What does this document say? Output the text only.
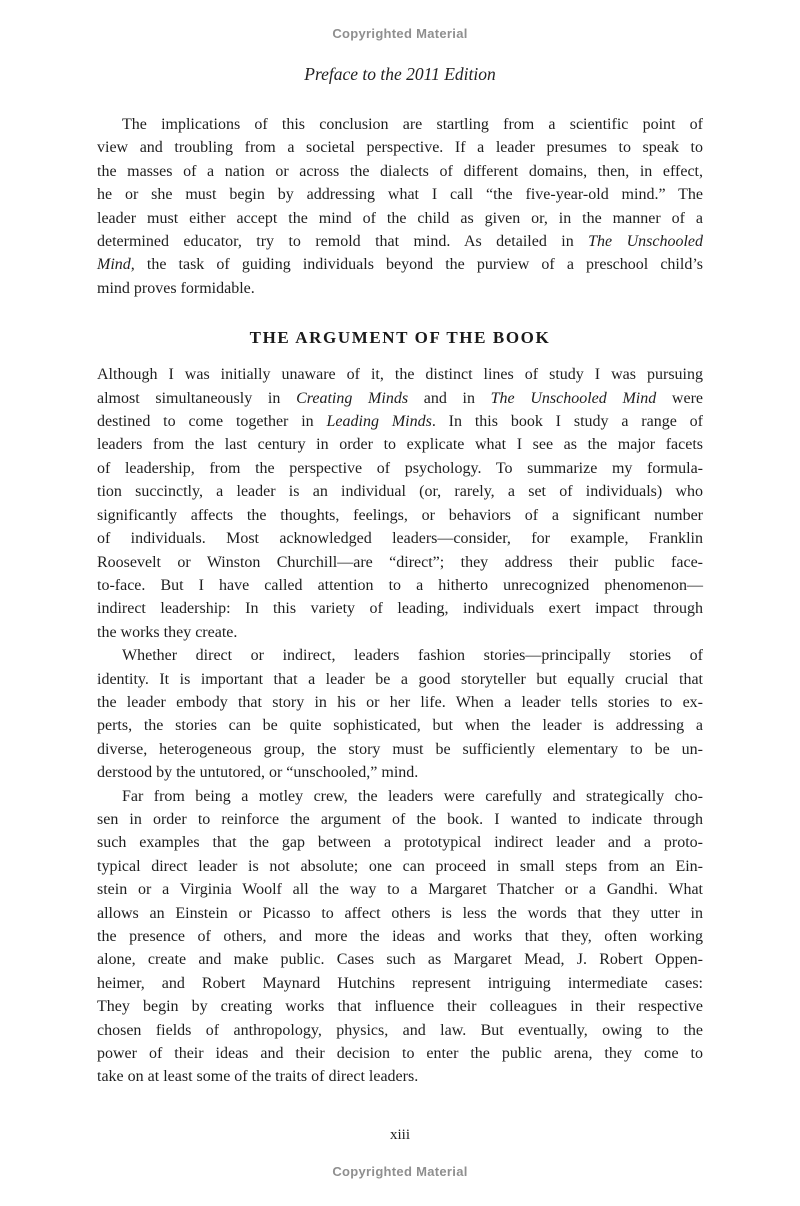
Copyrighted Material
Preface to the 2011 Edition
The implications of this conclusion are startling from a scientific point of
view and troubling from a societal perspective. If a leader presumes to speak to
the masses of a nation or across the dialects of different domains, then, in effect,
he or she must begin by addressing what I call “the five-year-old mind.” The
leader must either accept the mind of the child as given or, in the manner of a
determined educator, try to remold that mind. As detailed in The Unschooled
Mind, the task of guiding individuals beyond the purview of a preschool child’s
mind proves formidable.
THE ARGUMENT OF THE BOOK
Although I was initially unaware of it, the distinct lines of study I was pursuing
almost simultaneously in Creating Minds and in The Unschooled Mind were
destined to come together in Leading Minds. In this book I study a range of
leaders from the last century in order to explicate what I see as the major facets
of leadership, from the perspective of psychology. To summarize my formula-
tion succinctly, a leader is an individual (or, rarely, a set of individuals) who
significantly affects the thoughts, feelings, or behaviors of a significant number
of individuals. Most acknowledged leaders—consider, for example, Franklin
Roosevelt or Winston Churchill—are “direct”; they address their public face-
to-face. But I have called attention to a hitherto unrecognized phenomenon—
indirect leadership: In this variety of leading, individuals exert impact through
the works they create.
Whether direct or indirect, leaders fashion stories—principally stories of
identity. It is important that a leader be a good storyteller but equally crucial that
the leader embody that story in his or her life. When a leader tells stories to ex-
perts, the stories can be quite sophisticated, but when the leader is addressing a
diverse, heterogeneous group, the story must be sufficiently elementary to be un-
derstood by the untutored, or “unschooled,” mind.
Far from being a motley crew, the leaders were carefully and strategically cho-
sen in order to reinforce the argument of the book. I wanted to indicate through
such examples that the gap between a prototypical indirect leader and a proto-
typical direct leader is not absolute; one can proceed in small steps from an Ein-
stein or a Virginia Woolf all the way to a Margaret Thatcher or a Gandhi. What
allows an Einstein or Picasso to affect others is less the words that they utter in
the presence of others, and more the ideas and works that they, often working
alone, create and make public. Cases such as Margaret Mead, J. Robert Oppen-
heimer, and Robert Maynard Hutchins represent intriguing intermediate cases:
They begin by creating works that influence their colleagues in their respective
chosen fields of anthropology, physics, and law. But eventually, owing to the
power of their ideas and their decision to enter the public arena, they come to
take on at least some of the traits of direct leaders.
xiii
Copyrighted Material
